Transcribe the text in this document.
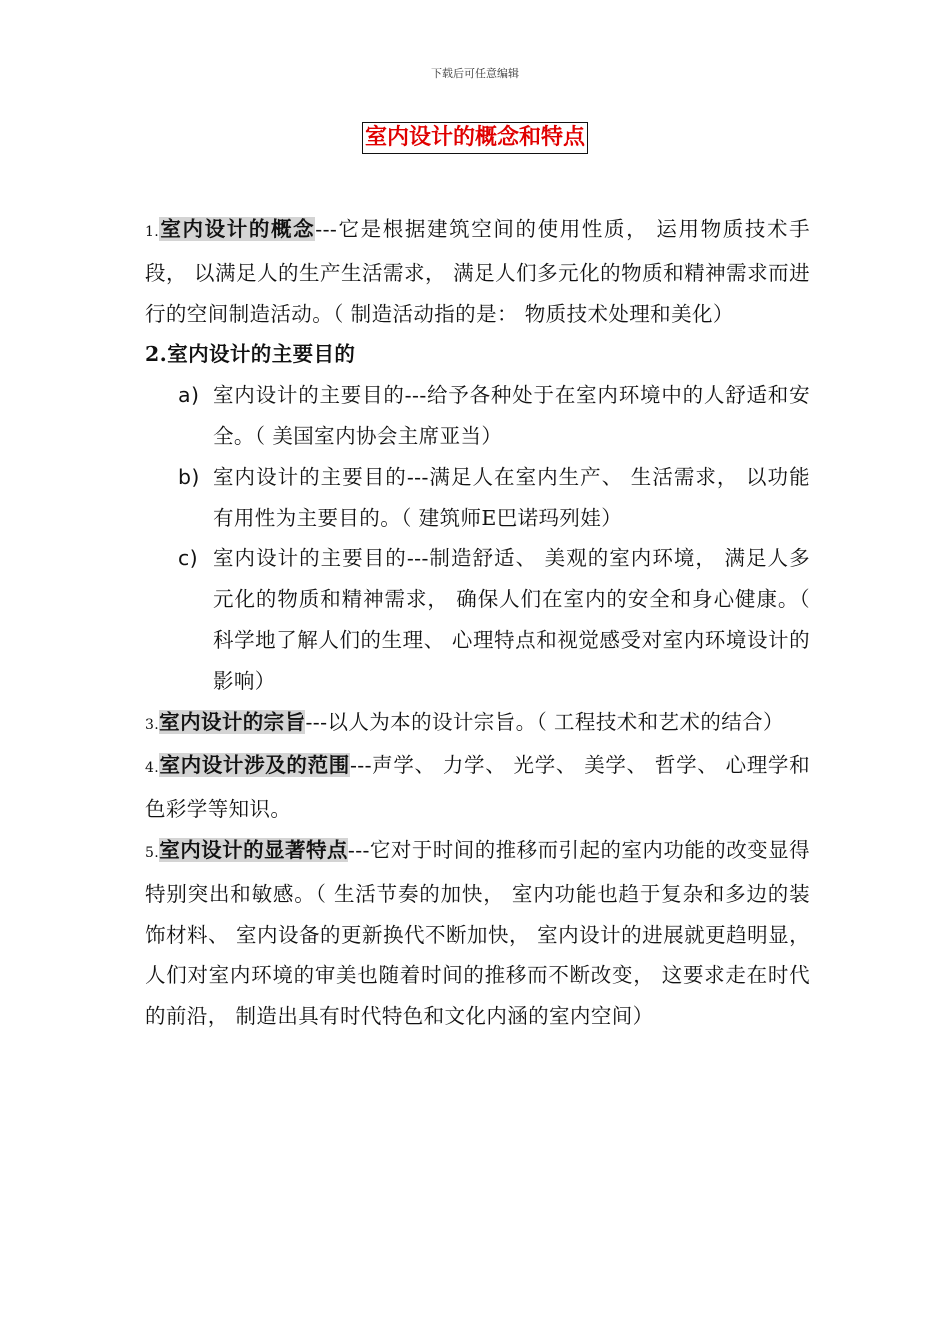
下载后可任意编辑
室内设计的概念和特点

1.室内设计的概念---它是根据建筑空间的使用性质， 运用物质技术手段， 以满足人的生产生活需求， 满足人们多元化的物质和精神需求而进行的空间制造活动。（ 制造活动指的是： 物质技术处理和美化）

2.室内设计的主要目的

a) 室内设计的主要目的---给予各种处于在室内环境中的人舒适和安全。（ 美国室内协会主席亚当）
b) 室内设计的主要目的---满足人在室内生产、 生活需求， 以功能有用性为主要目的。（ 建筑师E巴诺玛列娃）
c) 室内设计的主要目的---制造舒适、 美观的室内环境， 满足人多元化的物质和精神需求， 确保人们在室内的安全和身心健康。（ 科学地了解人们的生理、 心理特点和视觉感受对室内环境设计的影响）

3.室内设计的宗旨---以人为本的设计宗旨。（ 工程技术和艺术的结合）

4.室内设计涉及的范围---声学、 力学、 光学、 美学、 哲学、 心理学和色彩学等知识。

5.室内设计的显著特点---它对于时间的推移而引起的室内功能的改变显得特别突出和敏感。（ 生活节奏的加快， 室内功能也趋于复杂和多边的装饰材料、 室内设备的更新换代不断加快， 室内设计的进展就更趋明显， 人们对室内环境的审美也随着时间的推移而不断改变， 这要求走在时代的前沿， 制造出具有时代特色和文化内涵的室内空间）
